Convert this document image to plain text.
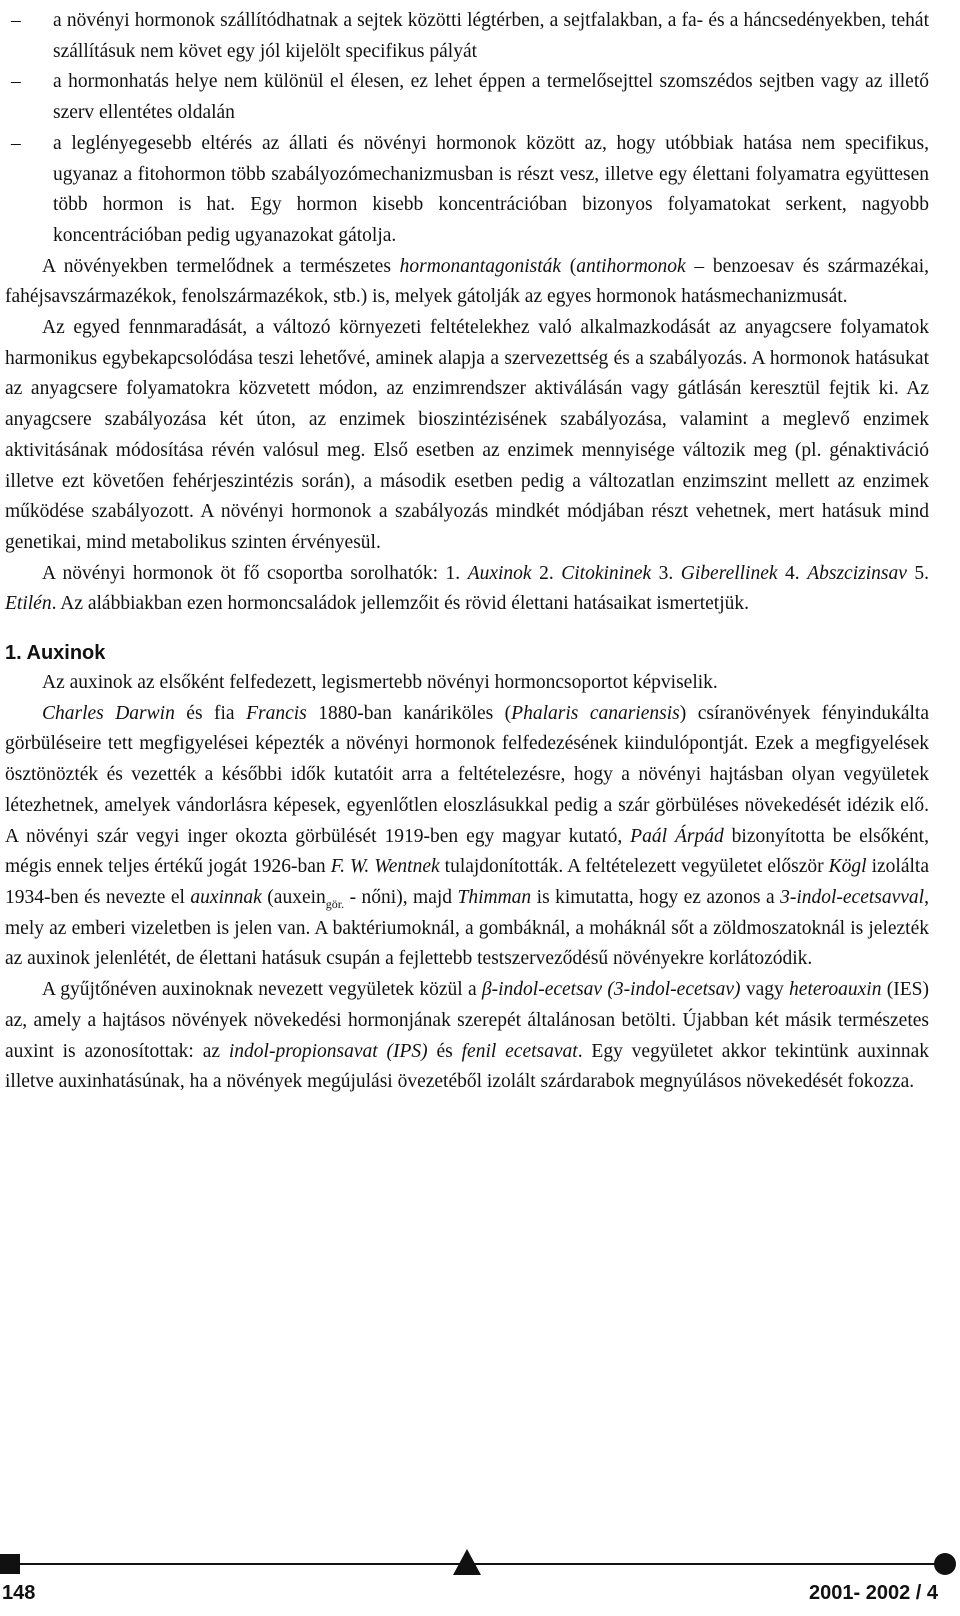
–	a növényi hormonok szállítódhatnak a sejtek közötti légtérben, a sejtfalakban, a fa- és a háncsedényekben, tehát szállításuk nem követ egy jól kijelölt specifikus pályát
–	a hormonhatás helye nem különül el élesen, ez lehet éppen a termelősejttel szomszédos sejtben vagy az illető szerv ellentétes oldalán
–	a leglényegesebb eltérés az állati és növényi hormonok között az, hogy utóbbiak hatása nem specifikus, ugyanaz a fitohormon több szabályozómechanizmusban is részt vesz, illetve egy élettani folyamatra együttesen több hormon is hat. Egy hormon kisebb koncentrációban bizonyos folyamatokat serkent, nagyobb koncentrációban pedig ugyanazokat gátolja.

A növényekben termelődnek a természetes hormonantagonisták (antihormonok – benzoesav és származékai, fahéjsavszármazékok, fenolszármazékok, stb.) is, melyek gátolják az egyes hormonok hatásmechanizmusát.

Az egyed fennmaradását, a változó környezeti feltételekhez való alkalmazkodását az anyagcsere folyamatok harmonikus egybekapcsolódása teszi lehetővé, aminek alapja a szervezettség és a szabályozás. A hormonok hatásukat az anyagcsere folyamatokra közvetett módon, az enzimrendszer aktiválásán vagy gátlásán keresztül fejtik ki. Az anyagcsere szabályozása két úton, az enzimek bioszintézisének szabályozása, valamint a meglevő enzimek aktivitásának módosítása révén valósul meg. Első esetben az enzimek mennyisége változik meg (pl. génaktiváció illetve ezt követően fehérjeszintézis során), a második esetben pedig a változatlan enzimszint mellett az enzimek működése szabályozott. A növényi hormonok a szabályozás mindkét módjában részt vehetnek, mert hatásuk mind genetikai, mind metabolikus szinten érvényesül.

A növényi hormonok öt fő csoportba sorolhatók: 1. Auxinok 2. Citokininek 3. Giberellinek 4. Abszcizinsav 5. Etilén. Az alábbiakban ezen hormoncsaládok jellemzőit és rövid élettani hatásaikat ismertetjük.

1. Auxinok

Az auxinok az elsőként felfedezett, legismertebb növényi hormoncsoportot képviselik.

Charles Darwin és fia Francis 1880-ban kanáriköles (Phalaris canariensis) csíranövények fényindukálta görbüléseire tett megfigyelései képezték a növényi hormonok felfedezésének kiindulópontját. Ezek a megfigyelések ösztönözték és vezették a későbbi idők kutatóit arra a feltételezésre, hogy a növényi hajtásban olyan vegyületek létezhetnek, amelyek vándorlásra képesek, egyenlőtlen eloszlásukkal pedig a szár görbüléses növekedését idézik elő. A növényi szár vegyi inger okozta görbülését 1919-ben egy magyar kutató, Paál Árpád bizonyította be elsőként, mégis ennek teljes értékű jogát 1926-ban F. W. Wentnek tulajdonították. A feltételezett vegyületet először Kögl izolálta 1934-ben és nevezte el auxinnak (auxein$_{gör.}$ - nőni), majd Thimman is kimutatta, hogy ez azonos a 3-indol-ecetsavval, mely az emberi vizeletben is jelen van. A baktériumoknál, a gombáknál, a moháknál sőt a zöldmoszatoknál is jelezték az auxinok jelenlétét, de élettani hatásuk csupán a fejlettebb testszerveződésű növényekre korlátozódik.

A gyűjtőnéven auxinoknak nevezett vegyületek közül a β-indol-ecetsav (3-indol-ecetsav) vagy heteroauxin (IES) az, amely a hajtásos növények növekedési hormonjának szerepét általánosan betölti. Újabban két másik természetes auxint is azonosítottak: az indol-propionsavat (IPS) és fenil ecetsavat. Egy vegyületet akkor tekintünk auxinnak illetve auxinhatásúnak, ha a növények megújulási övezetéből izolált szárdarabok megnyúlásos növekedését fokozza.

148	2001- 2002 / 4
